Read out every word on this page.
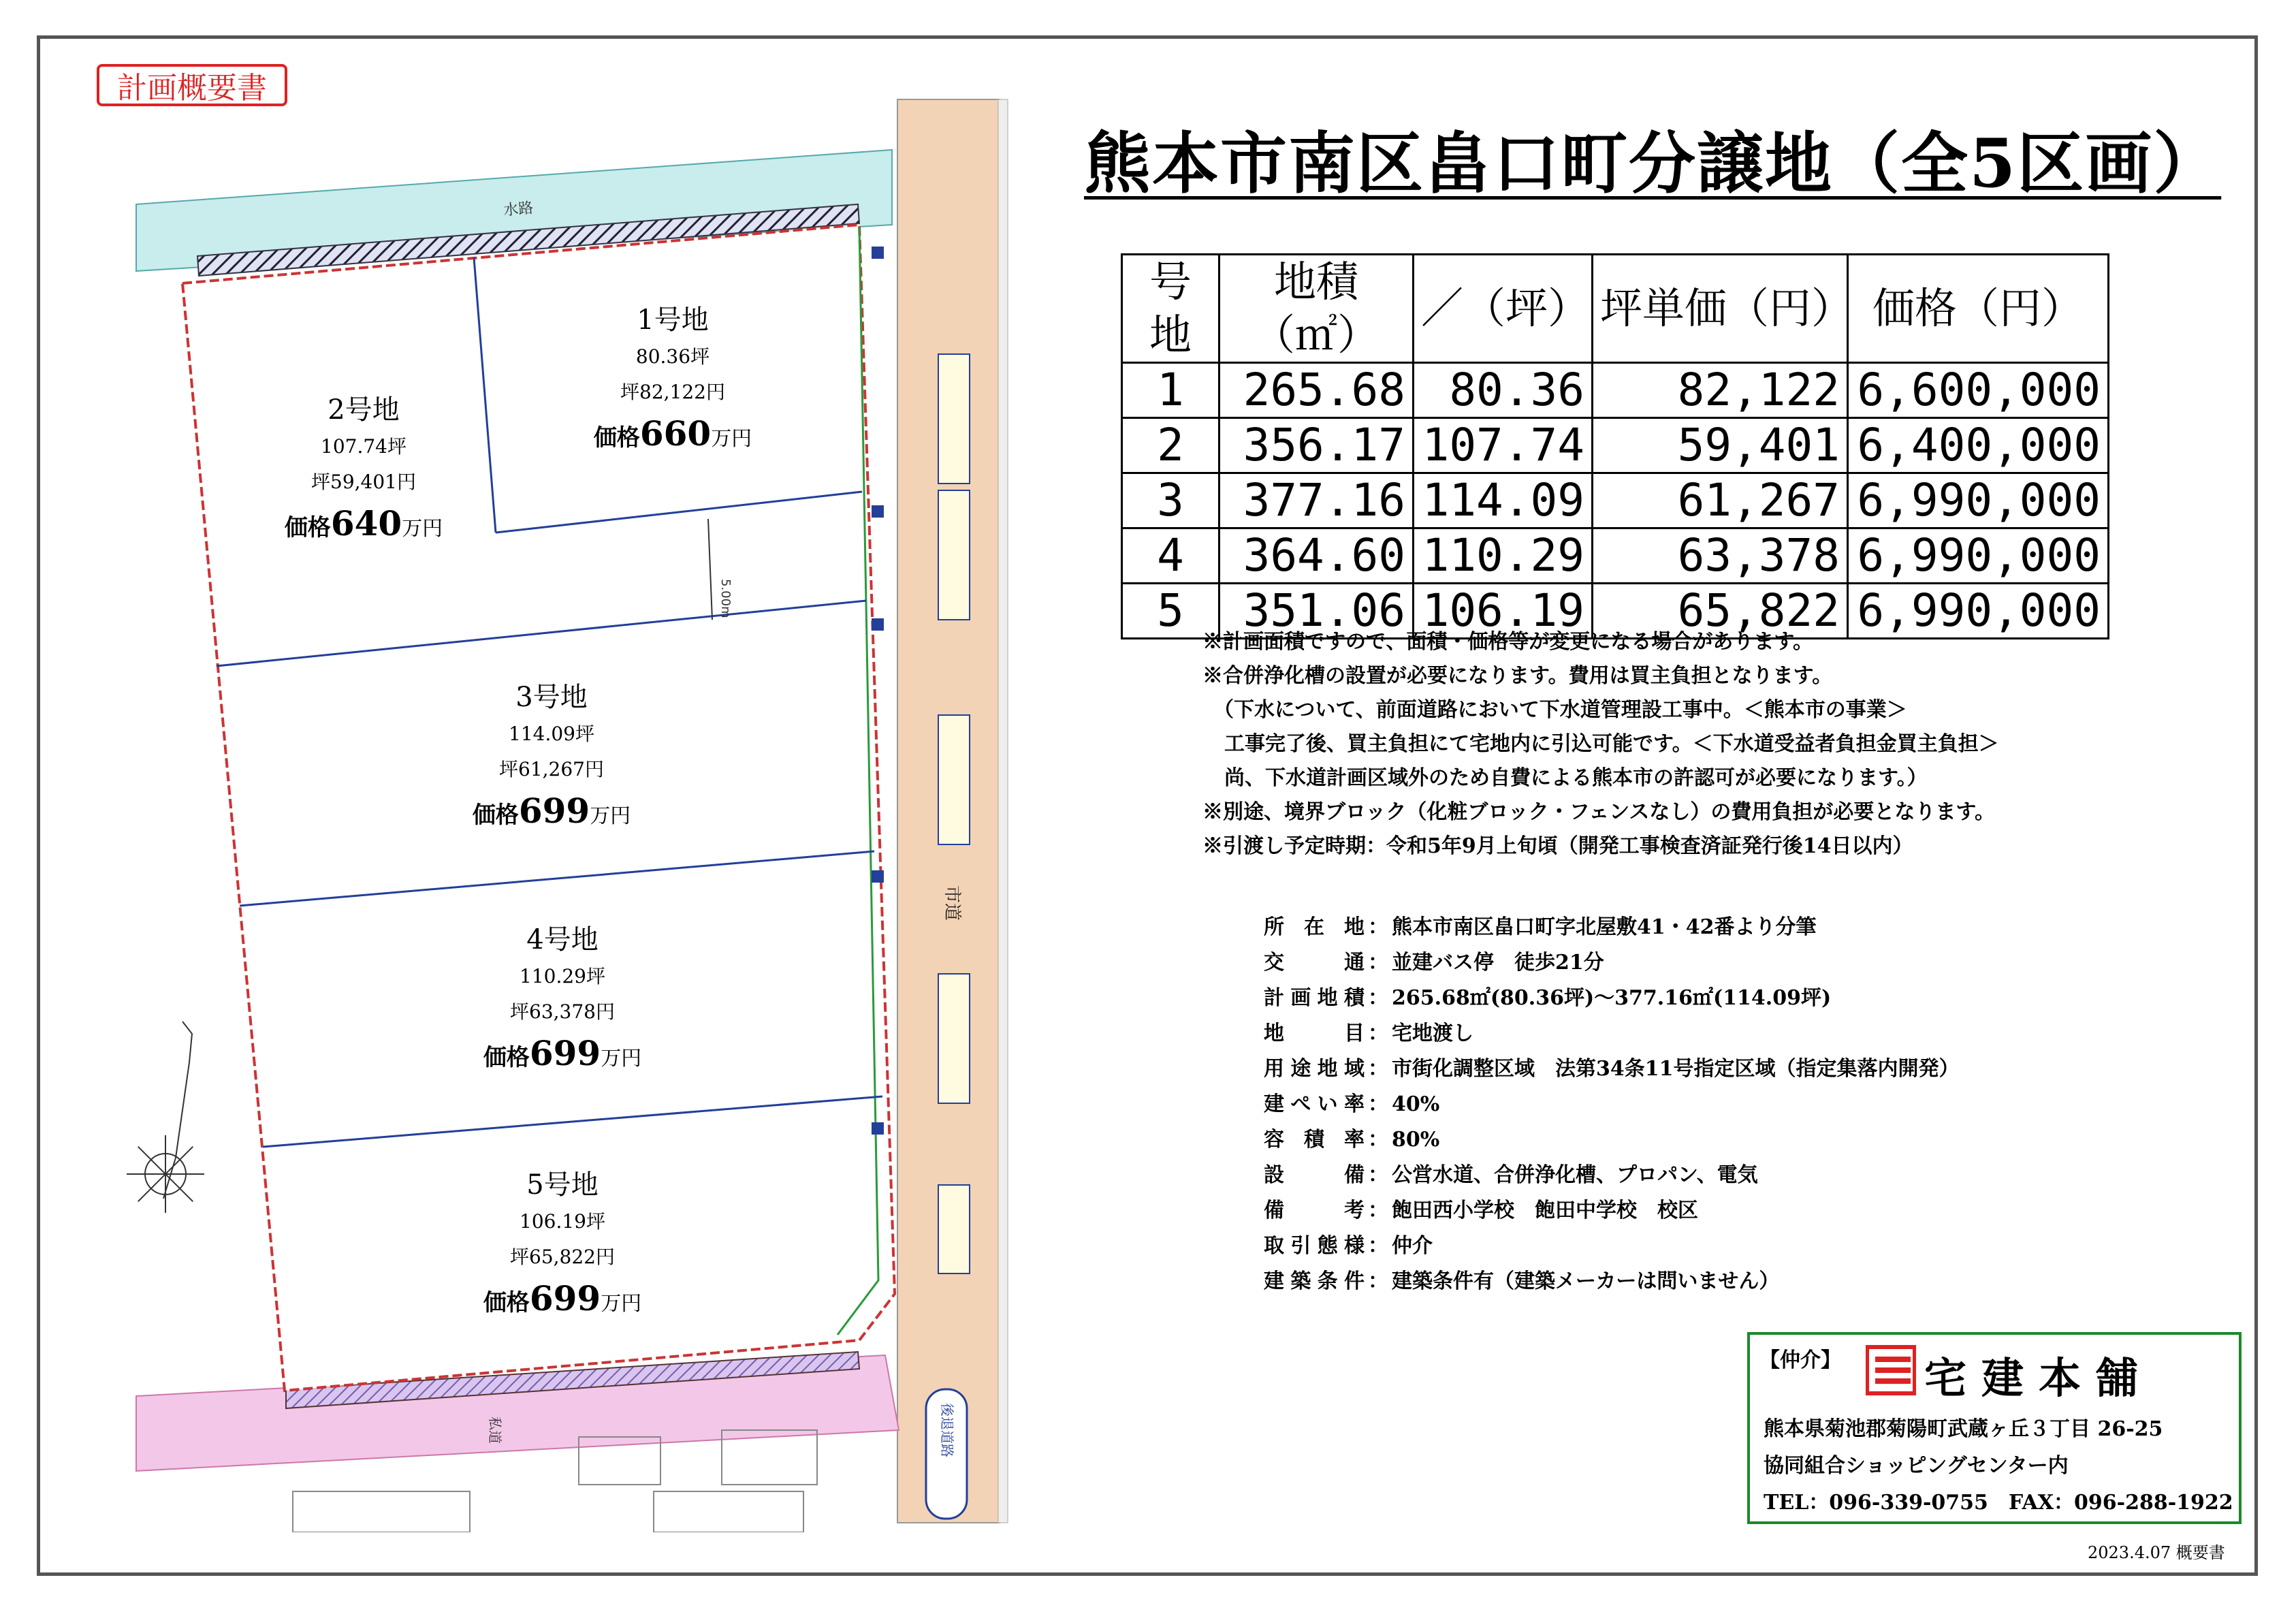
計画概要書
5.00m
水路
市道
後退道路
私道
1号地
80.36坪
坪82,122円
価格660万円
2号地
107.74坪
坪59,401円
価格640万円
3号地
114.09坪
坪61,267円
価格699万円
4号地
110.29坪
坪63,378円
価格699万円
5号地
106.19坪
坪65,822円
価格699万円
熊本市南区畠口町分譲地（全5区画）
号地	地積（㎡）	／（坪）	坪単価（円）	価格（円）
1	265.68	80.36	82,122	6,600,000
2	356.17	107.74	59,401	6,400,000
3	377.16	114.09	61,267	6,990,000
4	364.60	110.29	63,378	6,990,000
5	351.06	106.19	65,822	6,990,000
※計画面積ですので、面積・価格等が変更になる場合があります。
※合併浄化槽の設置が必要になります。費用は買主負担となります。
（下水について、前面道路において下水道管理設工事中。＜熊本市の事業＞
工事完了後、買主負担にて宅地内に引込可能です。＜下水道受益者負担金買主負担＞
尚、下水道計画区域外のため自費による熊本市の許認可が必要になります。）
※別途、境界ブロック（化粧ブロック・フェンスなし）の費用負担が必要となります。
※引渡し予定時期：令和5年9月上旬頃（開発工事検査済証発行後14日以内）
所在地 ： 熊本市南区畠口町字北屋敷41・42番より分筆
交通 ： 並建バス停　徒歩21分
計画地積 ： 265.68㎡(80.36坪)～377.16㎡(114.09坪)
地目 ： 宅地渡し
用途地域 ： 市街化調整区域　法第34条11号指定区域（指定集落内開発）
建ぺい率 ： 40%
容積率 ： 80%
設備 ： 公営水道、合併浄化槽、プロパン、電気
備考 ： 飽田西小学校　飽田中学校　校区
取引態様 ： 仲介
建築条件 ： 建築条件有（建築メーカーは問いません）
【仲介】 宅建本舗
熊本県菊池郡菊陽町武蔵ヶ丘３丁目 26-25
協同組合ショッピングセンター内
TEL：096-339-0755　FAX：096-288-1922
2023.4.07 概要書
